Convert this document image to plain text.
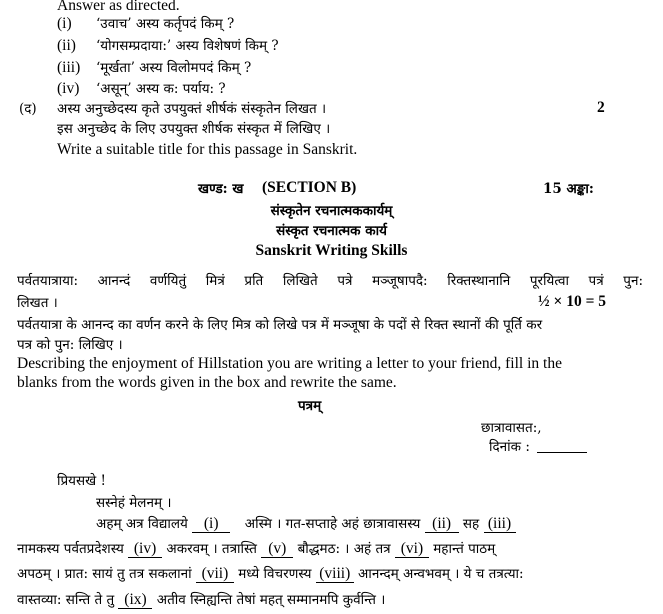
Answer as directed.
(i) ‘उवाच’ अस्य कर्तृपदं किम् ?
(ii) ‘योगसम्प्रदाया:’ अस्य विशेषणं किम् ?
(iii) ‘मूर्खता’ अस्य विलोमपदं किम् ?
(iv) ‘असून्’ अस्य क: पर्याय: ?
(द) अस्य अनुच्छेदस्य कृते उपयुक्तं शीर्षकं संस्कृतेन लिखत ।	2
इस अनुच्छेद के लिए उपयुक्त शीर्षक संस्कृत में लिखिए ।
Write a suitable title for this passage in Sanskrit.
खण्ड: ख (SECTION B)	15 अङ्का:
संस्कृतेन रचनात्मककार्यम्
संस्कृत रचनात्मक कार्य
Sanskrit Writing Skills
पर्वतयात्राया: आनन्दं वर्णयितुं मित्रं प्रति लिखिते पत्रे मञ्जूषापदै: रिक्तस्थानानि पूरयित्वा पत्रं पुन:
लिखत ।	½ × 10 = 5
पर्वतयात्रा के आनन्द का वर्णन करने के लिए मित्र को लिखे पत्र में मञ्जूषा के पदों से रिक्त स्थानों की पूर्ति कर
पत्र को पुन: लिखिए ।
Describing the enjoyment of Hillstation you are writing a letter to your friend, fill in the
blanks from the words given in the box and rewrite the same.
पत्रम्
छात्रावासत:,
दिनांक :
प्रियसखे !
सस्नेहं मेलनम् ।
अहम् अत्र विद्यालये (i) अस्मि । गत-सप्ताहे अहं छात्रावासस्य (ii) सह (iii)
नामकस्य पर्वतप्रदेशस्य (iv) अकरवम् । तत्रास्ति (v) बौद्धमठ: । अहं तत्र (vi) महान्तं पाठम्
अपठम् । प्रात: सायं तु तत्र सकलानां (vii) मध्ये विचरणस्य (viii) आनन्दम् अन्वभवम् । ये च तत्रत्या:
वास्तव्या: सन्ति ते तु (ix) अतीव स्निह्यन्ति तेषां महत् सम्मानमपि कुर्वन्ति ।
